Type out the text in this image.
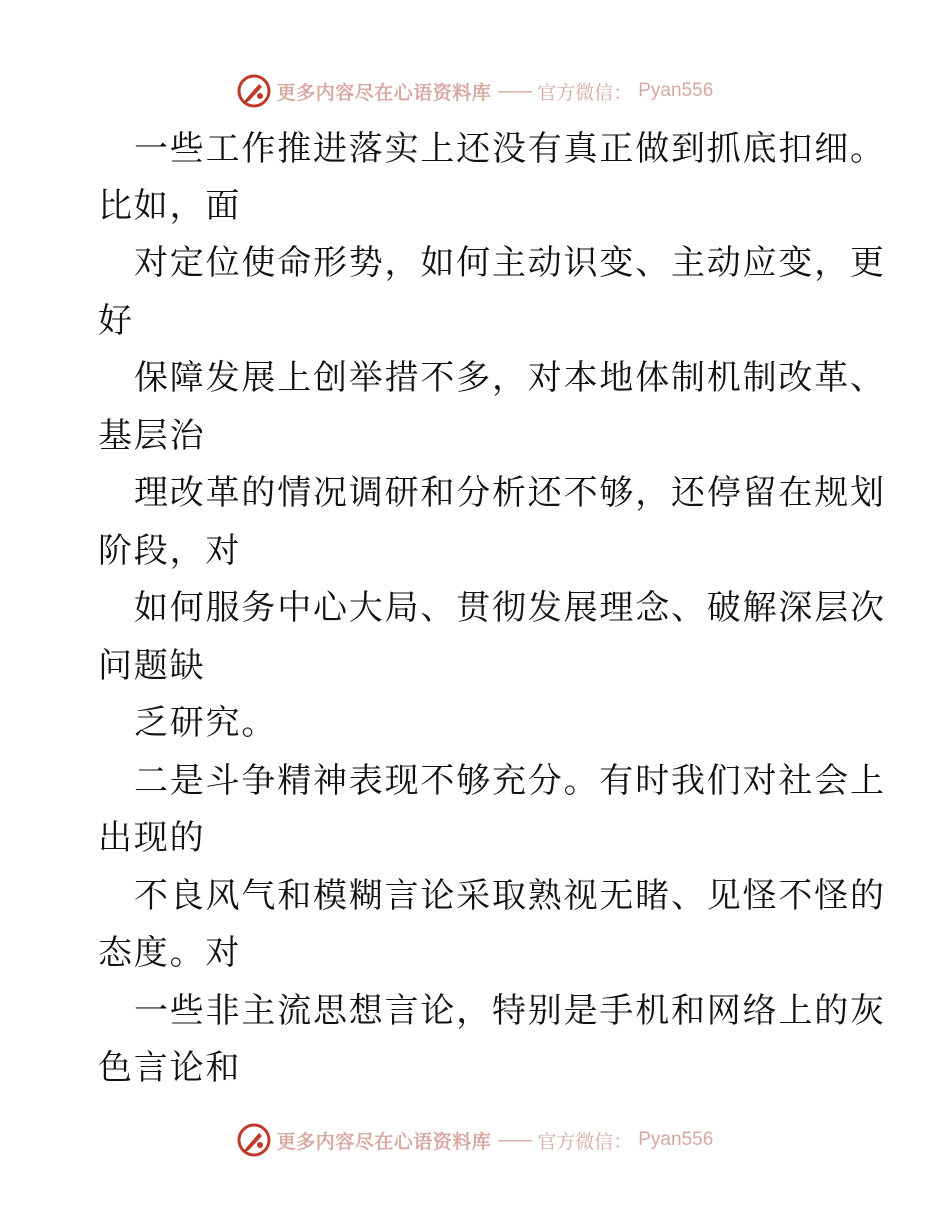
更多内容尽在心语资料库 —— 官方微信： Pyan556
一些工作推进落实上还没有真正做到抓底扣细。
比如，面
对定位使命形势，如何主动识变、主动应变，更
好
保障发展上创举措不多，对本地体制机制改革、
基层治
理改革的情况调研和分析还不够，还停留在规划
阶段，对
如何服务中心大局、贯彻发展理念、破解深层次
问题缺
乏研究。
二是斗争精神表现不够充分。有时我们对社会上
出现的
不良风气和模糊言论采取熟视无睹、见怪不怪的
态度。对
一些非主流思想言论，特别是手机和网络上的灰
色言论和
更多内容尽在心语资料库 —— 官方微信： Pyan556
